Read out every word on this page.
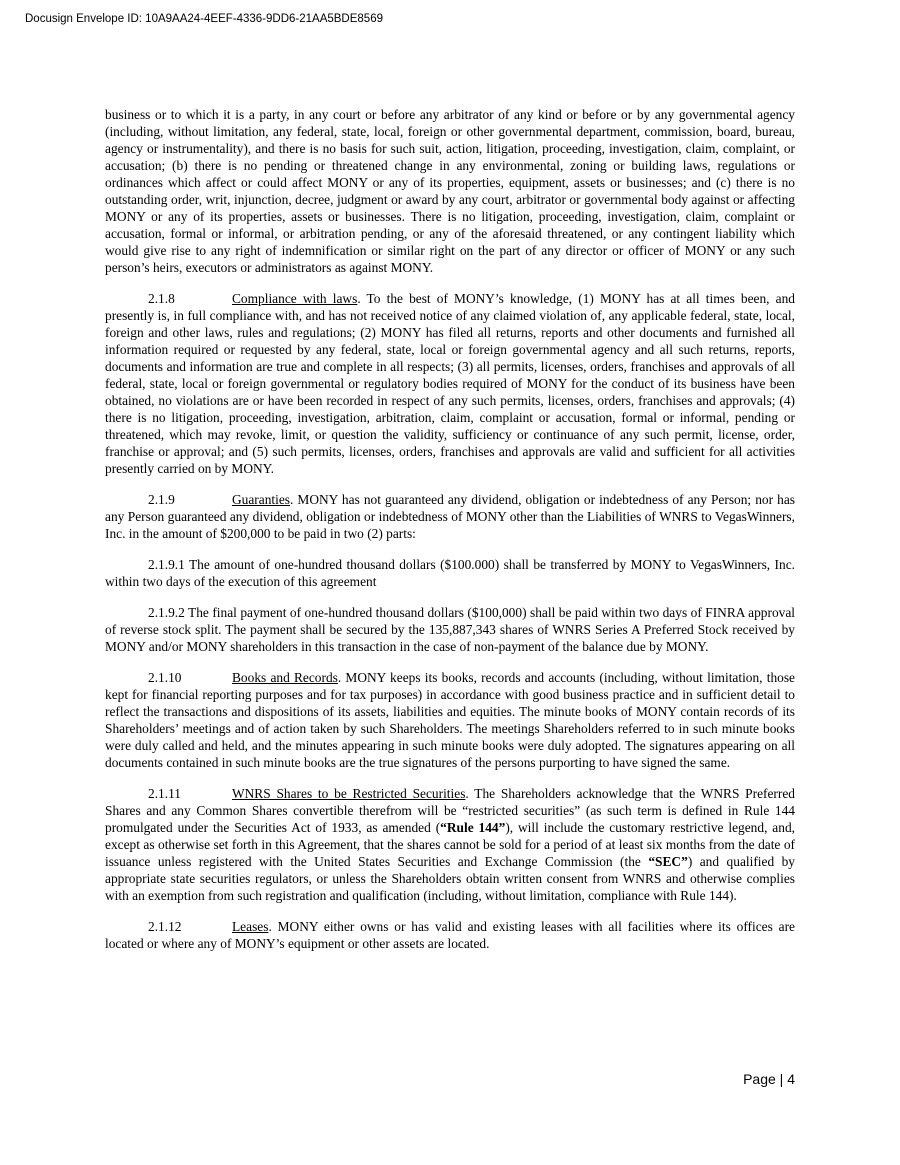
Docusign Envelope ID: 10A9AA24-4EEF-4336-9DD6-21AA5BDE8569

business or to which it is a party, in any court or before any arbitrator of any kind or before or by any governmental agency (including, without limitation, any federal, state, local, foreign or other governmental department, commission, board, bureau, agency or instrumentality), and there is no basis for such suit, action, litigation, proceeding, investigation, claim, complaint, or accusation; (b) there is no pending or threatened change in any environmental, zoning or building laws, regulations or ordinances which affect or could affect MONY or any of its properties, equipment, assets or businesses; and (c) there is no outstanding order, writ, injunction, decree, judgment or award by any court, arbitrator or governmental body against or affecting MONY or any of its properties, assets or businesses. There is no litigation, proceeding, investigation, claim, complaint or accusation, formal or informal, or arbitration pending, or any of the aforesaid threatened, or any contingent liability which would give rise to any right of indemnification or similar right on the part of any director or officer of MONY or any such person’s heirs, executors or administrators as against MONY.

2.1.8	Compliance with laws. To the best of MONY’s knowledge, (1) MONY has at all times been, and presently is, in full compliance with, and has not received notice of any claimed violation of, any applicable federal, state, local, foreign and other laws, rules and regulations; (2) MONY has filed all returns, reports and other documents and furnished all information required or requested by any federal, state, local or foreign governmental agency and all such returns, reports, documents and information are true and complete in all respects; (3) all permits, licenses, orders, franchises and approvals of all federal, state, local or foreign governmental or regulatory bodies required of MONY for the conduct of its business have been obtained, no violations are or have been recorded in respect of any such permits, licenses, orders, franchises and approvals; (4) there is no litigation, proceeding, investigation, arbitration, claim, complaint or accusation, formal or informal, pending or threatened, which may revoke, limit, or question the validity, sufficiency or continuance of any such permit, license, order, franchise or approval; and (5) such permits, licenses, orders, franchises and approvals are valid and sufficient for all activities presently carried on by MONY.

2.1.9	Guaranties. MONY has not guaranteed any dividend, obligation or indebtedness of any Person; nor has any Person guaranteed any dividend, obligation or indebtedness of MONY other than the Liabilities of WNRS to VegasWinners, Inc. in the amount of $200,000 to be paid in two (2) parts:

2.1.9.1 The amount of one-hundred thousand dollars ($100.000) shall be transferred by MONY to VegasWinners, Inc. within two days of the execution of this agreement

2.1.9.2 The final payment of one-hundred thousand dollars ($100,000) shall be paid within two days of FINRA approval of reverse stock split. The payment shall be secured by the 135,887,343 shares of WNRS Series A Preferred Stock received by MONY and/or MONY shareholders in this transaction in the case of non-payment of the balance due by MONY.

2.1.10	Books and Records. MONY keeps its books, records and accounts (including, without limitation, those kept for financial reporting purposes and for tax purposes) in accordance with good business practice and in sufficient detail to reflect the transactions and dispositions of its assets, liabilities and equities. The minute books of MONY contain records of its Shareholders’ meetings and of action taken by such Shareholders. The meetings Shareholders referred to in such minute books were duly called and held, and the minutes appearing in such minute books were duly adopted. The signatures appearing on all documents contained in such minute books are the true signatures of the persons purporting to have signed the same.

2.1.11	WNRS Shares to be Restricted Securities. The Shareholders acknowledge that the WNRS Preferred Shares and any Common Shares convertible therefrom will be “restricted securities” (as such term is defined in Rule 144 promulgated under the Securities Act of 1933, as amended (“Rule 144”), will include the customary restrictive legend, and, except as otherwise set forth in this Agreement, that the shares cannot be sold for a period of at least six months from the date of issuance unless registered with the United States Securities and Exchange Commission (the “SEC”) and qualified by appropriate state securities regulators, or unless the Shareholders obtain written consent from WNRS and otherwise complies with an exemption from such registration and qualification (including, without limitation, compliance with Rule 144).

2.1.12	Leases. MONY either owns or has valid and existing leases with all facilities where its offices are located or where any of MONY’s equipment or other assets are located.

Page | 4
